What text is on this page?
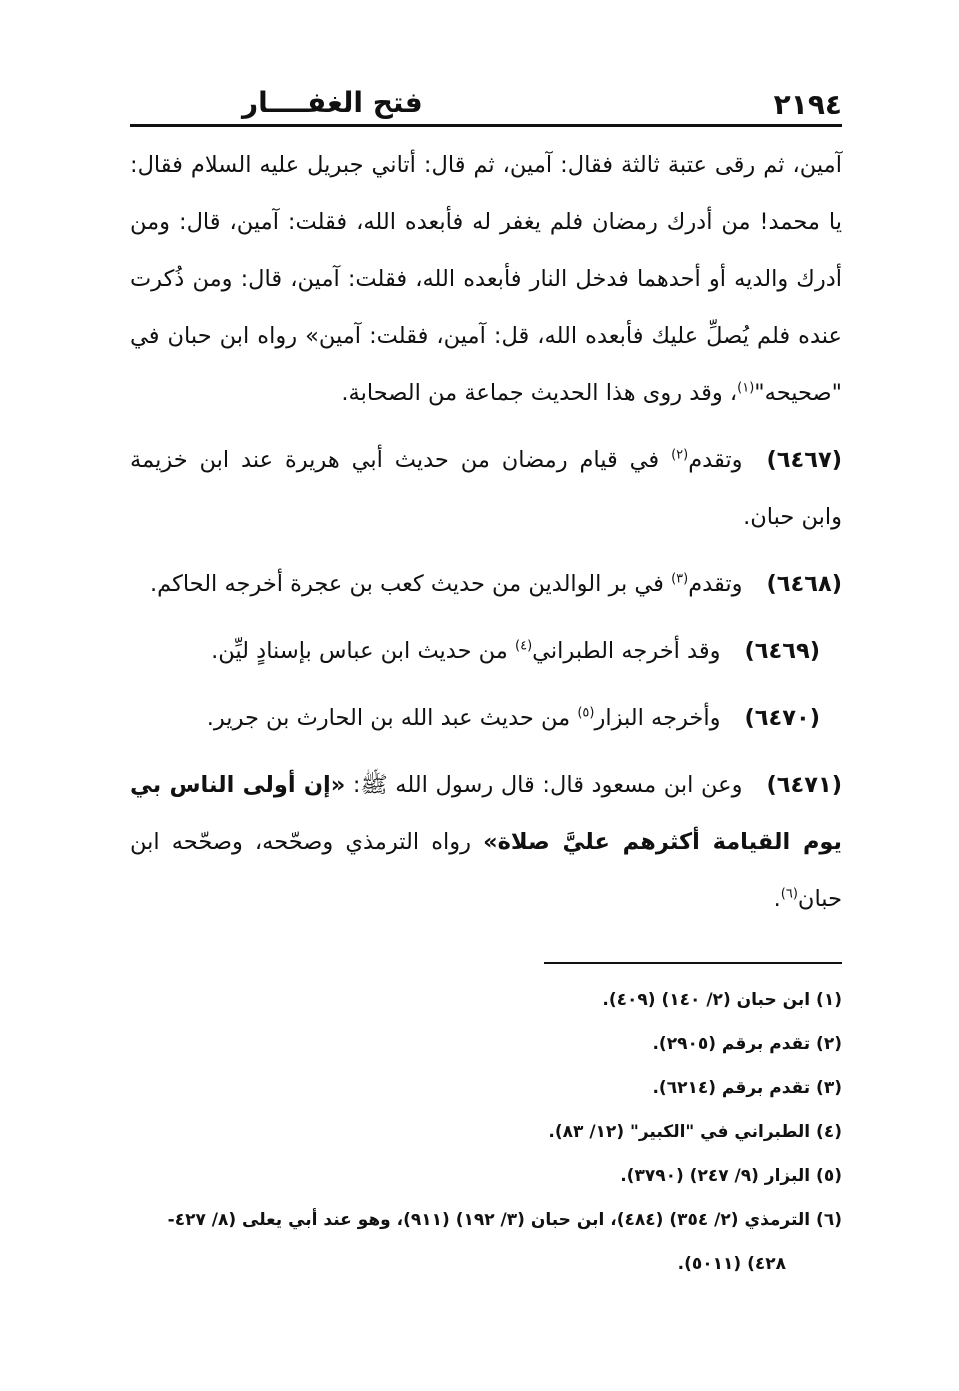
٢١٩٤
فتح الغفــــار

آمين، ثم رقى عتبة ثالثة فقال: آمين، ثم قال: أتاني جبريل عليه السلام فقال: يا محمد! من أدرك رمضان فلم يغفر له فأبعده الله، فقلت: آمين، قال: ومن أدرك والديه أو أحدهما فدخل النار فأبعده الله، فقلت: آمين، قال: ومن ذُكرت عنده فلم يُصلِّ عليك فأبعده الله، قل: آمين، فقلت: آمين» رواه ابن حبان في "صحيحه"$^{(١)}$، وقد روى هذا الحديث جماعة من الصحابة.

(٦٤٦٧)وتقدم$^{(٢)}$ في قيام رمضان من حديث أبي هريرة عند ابن خزيمة وابن حبان.

(٦٤٦٨)وتقدم$^{(٣)}$ في بر الوالدين من حديث كعب بن عجرة أخرجه الحاكم.

(٦٤٦٩)وقد أخرجه الطبراني$^{(٤)}$ من حديث ابن عباس بإسنادٍ ليِّن.

(٦٤٧٠)وأخرجه البزار$^{(٥)}$ من حديث عبد الله بن الحارث بن جرير.

(٦٤٧١)وعن ابن مسعود قال: قال رسول الله ﷺ: «إن أولى الناس بي يوم القيامة أكثرهم عليَّ صلاة» رواه الترمذي وصحّحه، وصحّحه ابن حبان$^{(٦)}$.

(١) ابن حبان (٢/ ١٤٠) (٤٠٩).

(٢) تقدم برقم (٢٩٠٥).

(٣) تقدم برقم (٦٢١٤).

(٤) الطبراني في "الكبير" (١٢/ ٨٣).

(٥) البزار (٩/ ٢٤٧) (٣٧٩٠).

(٦) الترمذي (٢/ ٣٥٤) (٤٨٤)، ابن حبان (٣/ ١٩٢) (٩١١)، وهو عند أبي يعلى (٨/ ٤٢٧-

٤٢٨) (٥٠١١).
